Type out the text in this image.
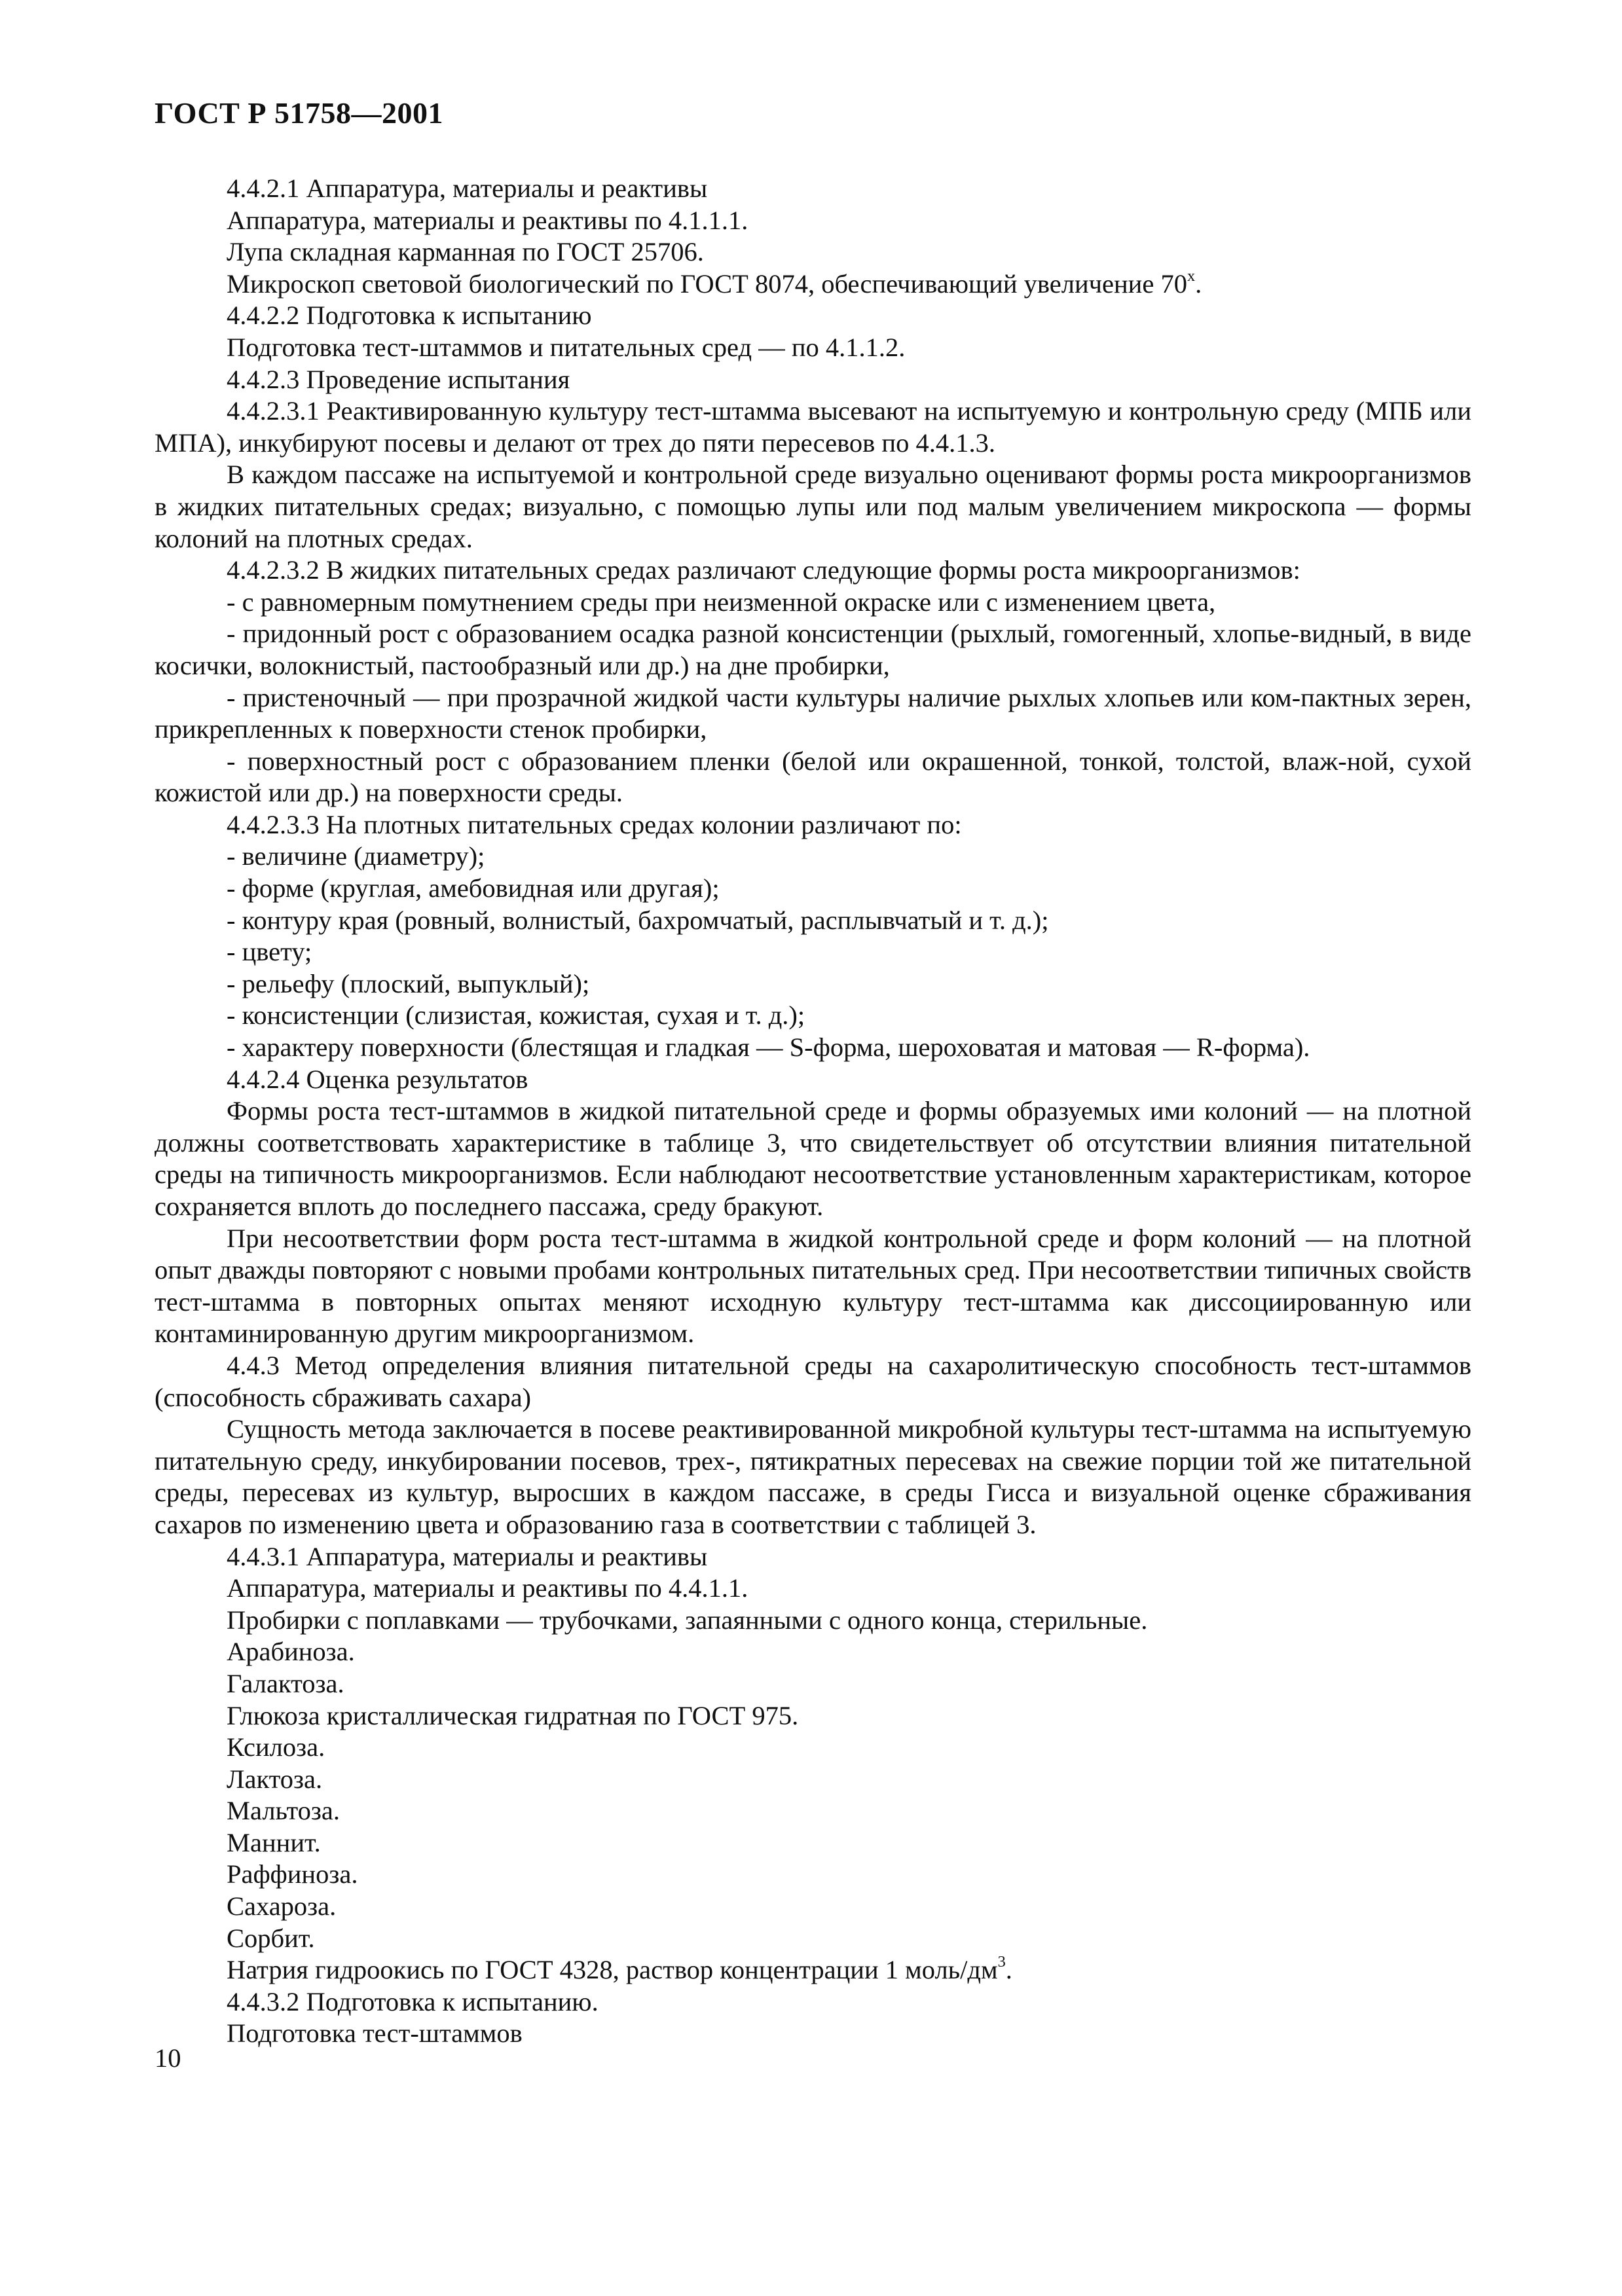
ГОСТ Р 51758—2001

4.4.2.1 Аппаратура, материалы и реактивы

Аппаратура, материалы и реактивы по 4.1.1.1.

Лупа складная карманная по ГОСТ 25706.

Микроскоп световой биологический по ГОСТ 8074, обеспечивающий увеличение 70$^x$.

4.4.2.2 Подготовка к испытанию

Подготовка тест-штаммов и питательных сред — по 4.1.1.2.

4.4.2.3 Проведение испытания

4.4.2.3.1 Реактивированную культуру тест-штамма высевают на испытуемую и контрольную среду (МПБ или МПА), инкубируют посевы и делают от трех до пяти пересевов по 4.4.1.3.

В каждом пассаже на испытуемой и контрольной среде визуально оценивают формы роста микроорганизмов в жидких питательных средах; визуально, с помощью лупы или под малым увеличением микроскопа — формы колоний на плотных средах.

4.4.2.3.2 В жидких питательных средах различают следующие формы роста микроорганизмов:

- с равномерным помутнением среды при неизменной окраске или с изменением цвета,

- придонный рост с образованием осадка разной консистенции (рыхлый, гомогенный, хлопье-видный, в виде косички, волокнистый, пастообразный или др.) на дне пробирки,

- пристеночный — при прозрачной жидкой части культуры наличие рыхлых хлопьев или ком-пактных зерен, прикрепленных к поверхности стенок пробирки,

- поверхностный рост с образованием пленки (белой или окрашенной, тонкой, толстой, влаж-ной, сухой кожистой или др.) на поверхности среды.

4.4.2.3.3 На плотных питательных средах колонии различают по:

- величине (диаметру);

- форме (круглая, амебовидная или другая);

- контуру края (ровный, волнистый, бахромчатый, расплывчатый и т. д.);

- цвету;

- рельефу (плоский, выпуклый);

- консистенции (слизистая, кожистая, сухая и т. д.);

- характеру поверхности (блестящая и гладкая — S-форма, шероховатая и матовая — R-форма).

4.4.2.4 Оценка результатов

Формы роста тест-штаммов в жидкой питательной среде и формы образуемых ими колоний — на плотной должны соответствовать характеристике в таблице 3, что свидетельствует об отсутствии влияния питательной среды на типичность микроорганизмов. Если наблюдают несоответствие установленным характеристикам, которое сохраняется вплоть до последнего пассажа, среду бракуют.

При несоответствии форм роста тест-штамма в жидкой контрольной среде и форм колоний — на плотной опыт дважды повторяют с новыми пробами контрольных питательных сред. При несоответствии типичных свойств тест-штамма в повторных опытах меняют исходную культуру тест-штамма как диссоциированную или контаминированную другим микроорганизмом.

4.4.3 Метод определения влияния питательной среды на сахаролитическую способность тест-штаммов (способность сбраживать сахара)

Сущность метода заключается в посеве реактивированной микробной культуры тест-штамма на испытуемую питательную среду, инкубировании посевов, трех-, пятикратных пересевах на свежие порции той же питательной среды, пересевах из культур, выросших в каждом пассаже, в среды Гисса и визуальной оценке сбраживания сахаров по изменению цвета и образованию газа в соответствии с таблицей 3.

4.4.3.1 Аппаратура, материалы и реактивы

Аппаратура, материалы и реактивы по 4.4.1.1.

Пробирки с поплавками — трубочками, запаянными с одного конца, стерильные.

Арабиноза.

Галактоза.

Глюкоза кристаллическая гидратная по ГОСТ 975.

Ксилоза.

Лактоза.

Мальтоза.

Маннит.

Раффиноза.

Сахароза.

Сорбит.

Натрия гидроокись по ГОСТ 4328, раствор концентрации 1 моль/$дм^3$.

4.4.3.2 Подготовка к испытанию.

Подготовка тест-штаммов

10
